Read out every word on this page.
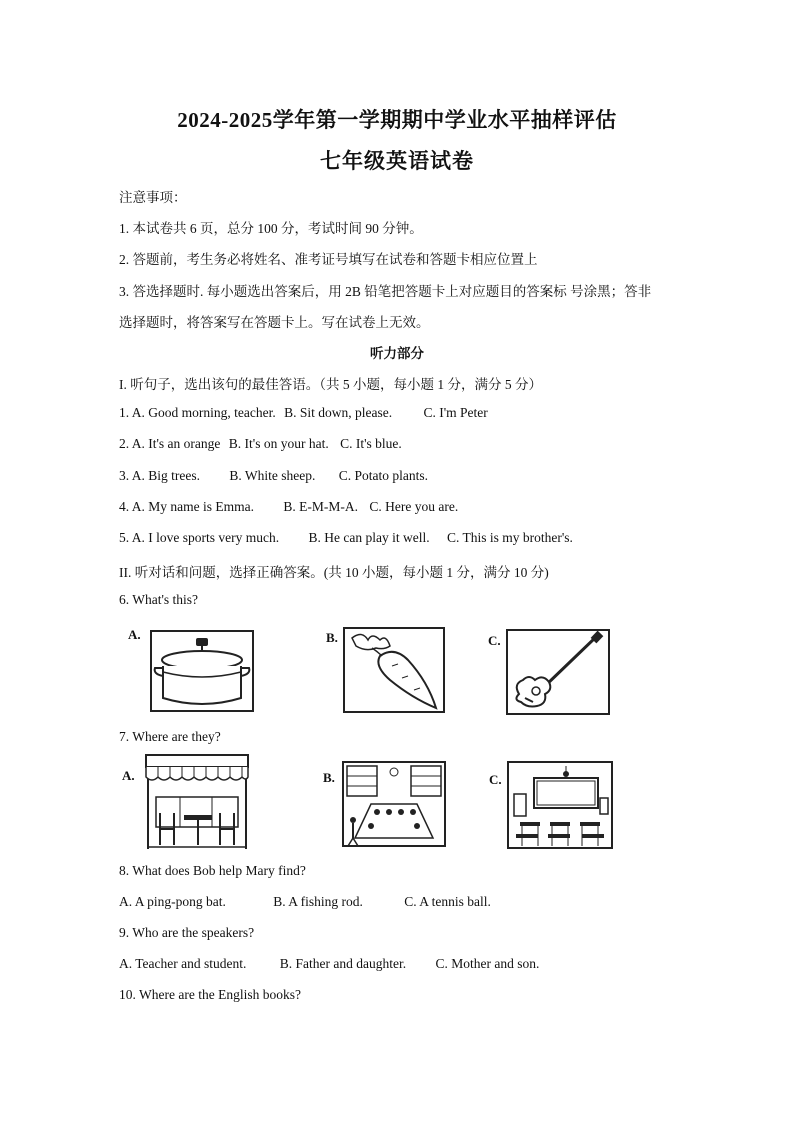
2024-2025学年第一学期期中学业水平抽样评估
七年级英语试卷
注意事项：
1. 本试卷共 6 页，总分 100 分，考试时间 90 分钟。
2. 答题前，考生务必将姓名、准考证号填写在试卷和答题卡相应位置上
3. 答选择题时. 每小题选出答案后，用 2B 铅笔把答题卡上对应题目的答案标 号涂黑；答非
选择题时，将答案写在答题卡上。写在试卷上无效。
听力部分
I. 听句子，选出该句的最佳答语。（共 5 小题，每小题 1 分，满分 5 分）
1. A. Good morning, teacher. B. Sit down, please. C. I'm Peter
2. A. It's an orange B. It's on your hat. C. It's blue.
3. A. Big trees. B. White sheep. C. Potato plants.
4. A. My name is Emma. B. E-M-M-A. C. Here you are.
5. A. I love sports very much. B. He can play it well. C. This is my brother's.
II. 听对话和问题，选择正确答案。(共 10 小题，每小题 1 分，满分 10 分)
6. What's this?
A.	B.	C.
7. Where are they?
A.	B.	C.
8. What does Bob help Mary find?
A. A ping-pong bat.	B. A fishing rod.	C. A tennis ball.
9. Who are the speakers?
A. Teacher and student. B. Father and daughter. C. Mother and son.
10. Where are the English books?
